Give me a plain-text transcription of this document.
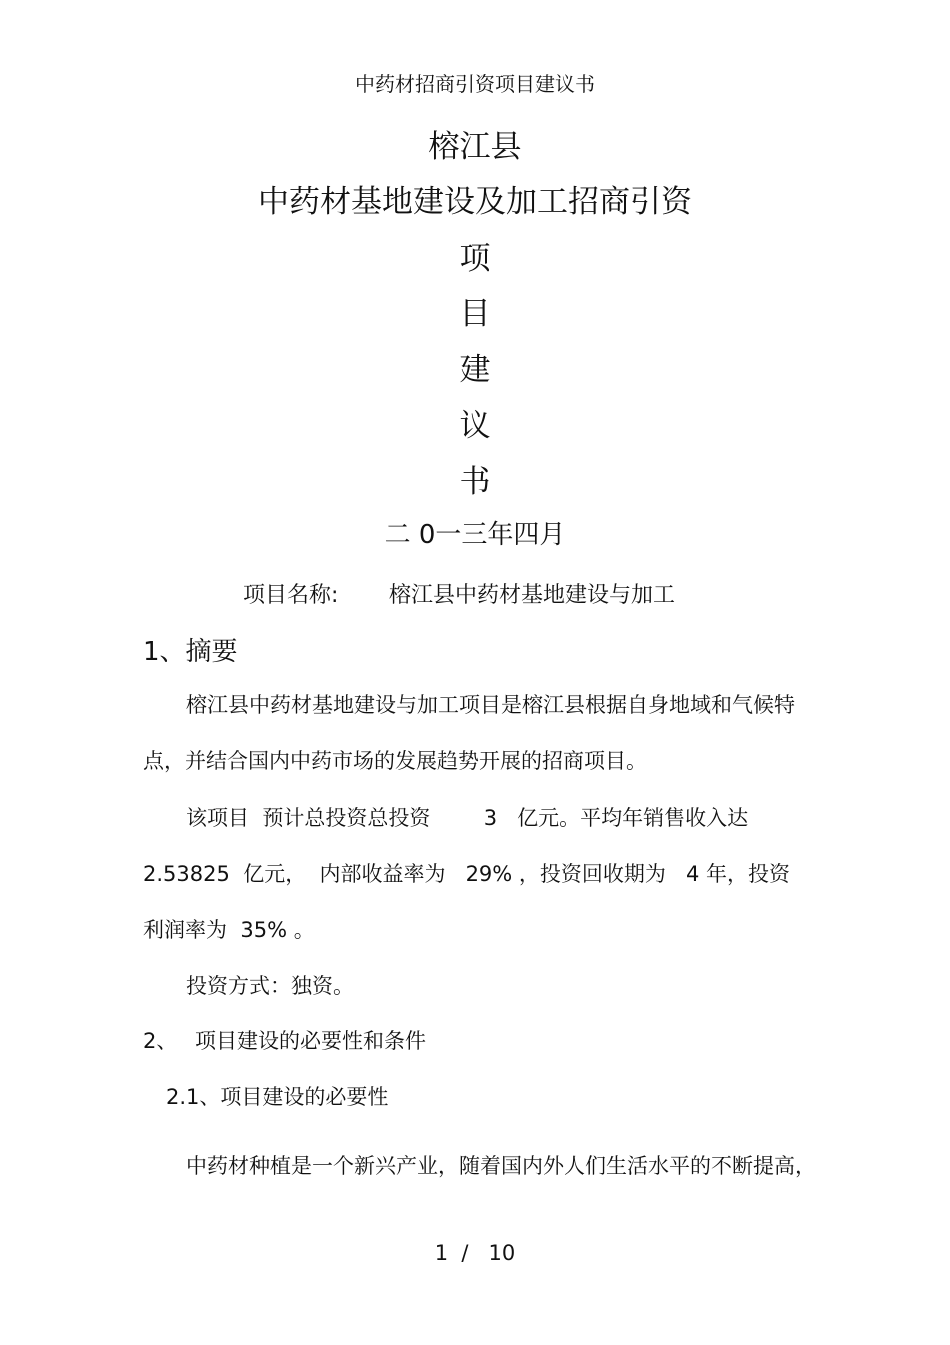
中药材招商引资项目建议书
榕江县
中药材基地建设及加工招商引资
项
目
建
议
书
二 0一三年四月
项目名称: 榕江县中药材基地建设与加工
1、摘要
榕江县中药材基地建设与加工项目是榕江县根据自身地域和气候特
点，并结合国内中药市场的发展趋势开展的招商项目。
该项目  预计总投资总投资        3   亿元。平均年销售收入达
2.53825  亿元，  内部收益率为   29% ，投资回收期为   4 年，投资
利润率为  35% 。
投资方式：独资。
2、 项目建设的必要性和条件
2.1、项目建设的必要性
中药材种植是一个新兴产业，随着国内外人们生活水平的不断提高，
1  /   10
